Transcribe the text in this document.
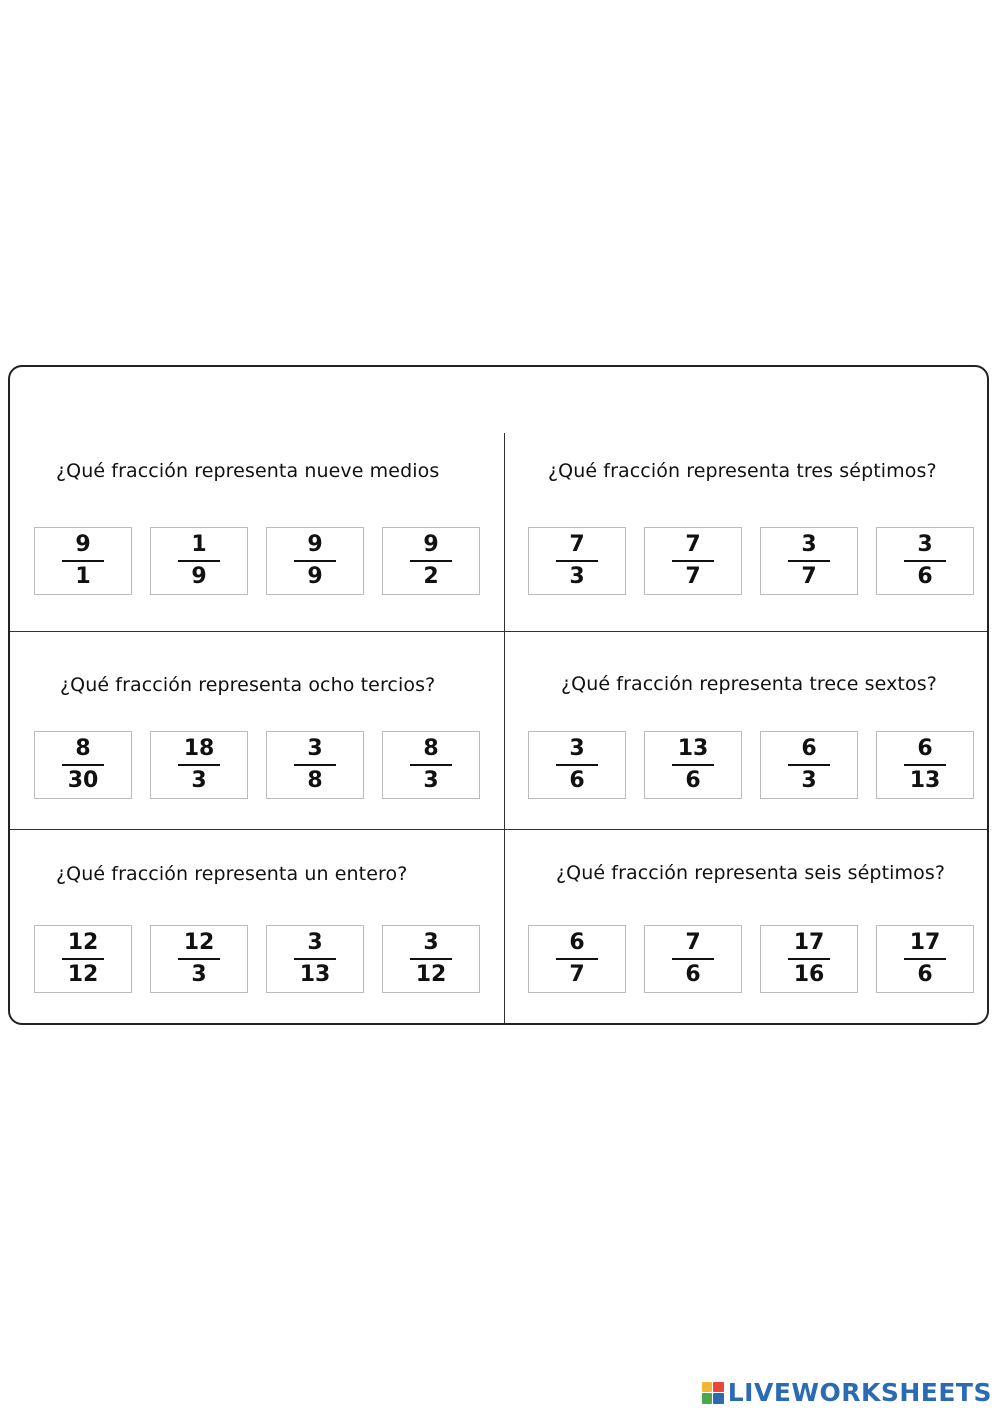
¿Qué fracción representa nueve medios
$\frac{9}{1} \frac{1}{9} \frac{9}{9} \frac{9}{2}$
¿Qué fracción representa tres séptimos?
$\frac{7}{3} \frac{7}{7} \frac{3}{7} \frac{3}{6}$
¿Qué fracción representa ocho tercios?
$\frac{8}{30} \frac{18}{3} \frac{3}{8} \frac{8}{3}$
¿Qué fracción representa trece sextos?
$\frac{3}{6} \frac{13}{6} \frac{6}{3} \frac{6}{13}$
¿Qué fracción representa un entero?
$\frac{12}{12} \frac{12}{3} \frac{3}{13} \frac{3}{12}$
¿Qué fracción representa seis séptimos?
$\frac{6}{7} \frac{7}{6} \frac{17}{16} \frac{17}{6}$
LIVEWORKSHEETS
